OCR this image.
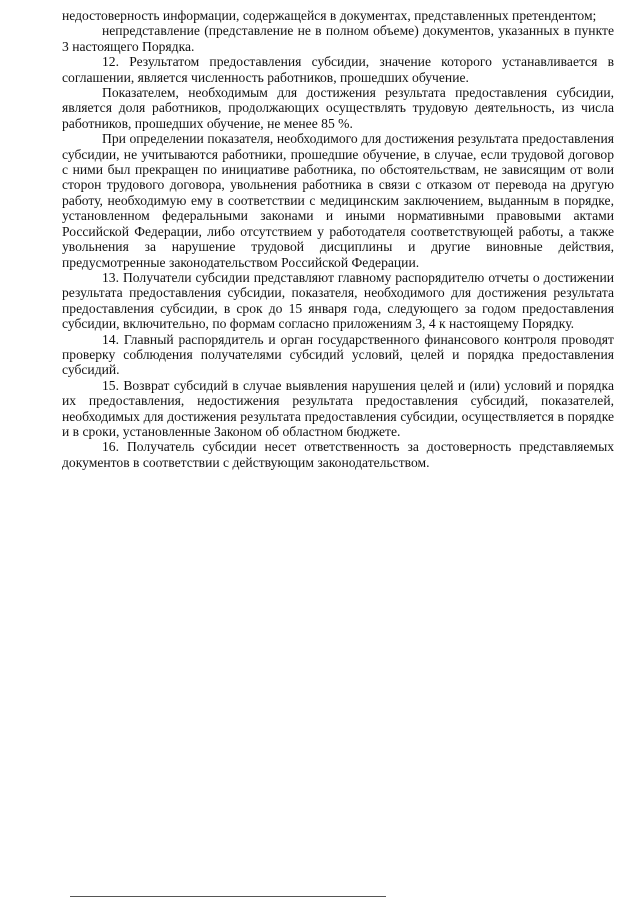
недостоверность информации, содержащейся в документах, представленных претендентом;

непредставление (представление не в полном объеме) документов, указанных в пункте 3 настоящего Порядка.

12. Результатом предоставления субсидии, значение которого устанавливается в соглашении, является численность работников, прошедших обучение.

Показателем, необходимым для достижения результата предоставления субсидии, является доля работников, продолжающих осуществлять трудовую деятельность, из числа работников, прошедших обучение, не менее 85 %.

При определении показателя, необходимого для достижения результата предоставления субсидии, не учитываются работники, прошедшие обучение, в случае, если трудовой договор с ними был прекращен по инициативе работника, по обстоятельствам, не зависящим от воли сторон трудового договора, увольнения работника в связи с отказом от перевода на другую работу, необходимую ему в соответствии с медицинским заключением, выданным в порядке, установленном федеральными законами и иными нормативными правовыми актами Российской Федерации, либо отсутствием у работодателя соответствующей работы, а также увольнения за нарушение трудовой дисциплины и другие виновные действия, предусмотренные законодательством Российской Федерации.

13. Получатели субсидии представляют главному распорядителю отчеты о достижении результата предоставления субсидии, показателя, необходимого для достижения результата предоставления субсидии, в срок до 15 января года, следующего за годом предоставления субсидии, включительно, по формам согласно приложениям 3, 4 к настоящему Порядку.

14. Главный распорядитель и орган государственного финансового контроля проводят проверку соблюдения получателями субсидий условий, целей и порядка предоставления субсидий.

15. Возврат субсидий в случае выявления нарушения целей и (или) условий и порядка их предоставления, недостижения результата предоставления субсидий, показателей, необходимых для достижения результата предоставления субсидии, осуществляется в порядке и в сроки, установленные Законом об областном бюджете.

16. Получатель субсидии несет ответственность за достоверность представляемых документов в соответствии с действующим законодательством.
